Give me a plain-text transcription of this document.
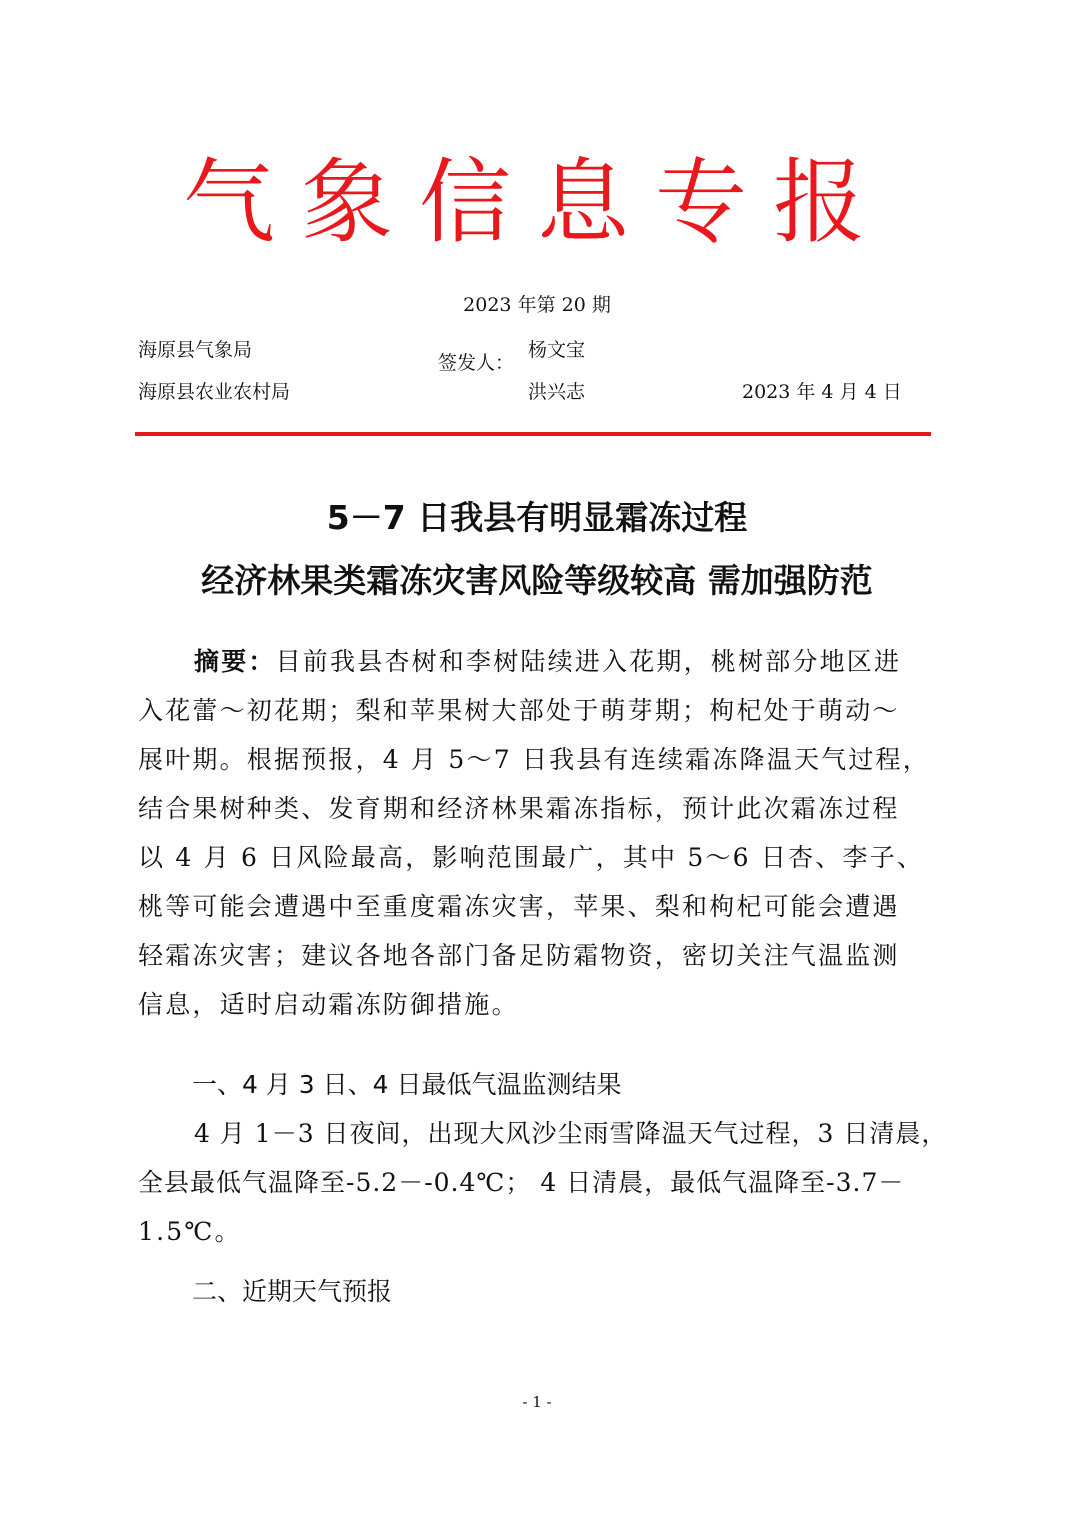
气象信息专报
2023 年第 20 期
海原县气象局
海原县农业农村局
签发人：
杨文宝
洪兴志	2023 年 4 月 4 日
5－7 日我县有明显霜冻过程
经济林果类霜冻灾害风险等级较高 需加强防范
摘要：目前我县杏树和李树陆续进入花期，桃树部分地区进
入花蕾～初花期；梨和苹果树大部处于萌芽期；枸杞处于萌动～
展叶期。根据预报，4 月 5～7 日我县有连续霜冻降温天气过程，
结合果树种类、发育期和经济林果霜冻指标，预计此次霜冻过程
以 4 月 6 日风险最高，影响范围最广，其中 5～6 日杏、李子、
桃等可能会遭遇中至重度霜冻灾害，苹果、梨和枸杞可能会遭遇
轻霜冻灾害；建议各地各部门备足防霜物资，密切关注气温监测
信息，适时启动霜冻防御措施。
一、4 月 3 日、4 日最低气温监测结果
4 月 1－3 日夜间，出现大风沙尘雨雪降温天气过程，3 日清晨，
全县最低气温降至-5.2－-0.4℃； 4 日清晨，最低气温降至-3.7－
1.5℃。
二、近期天气预报
- 1 -
